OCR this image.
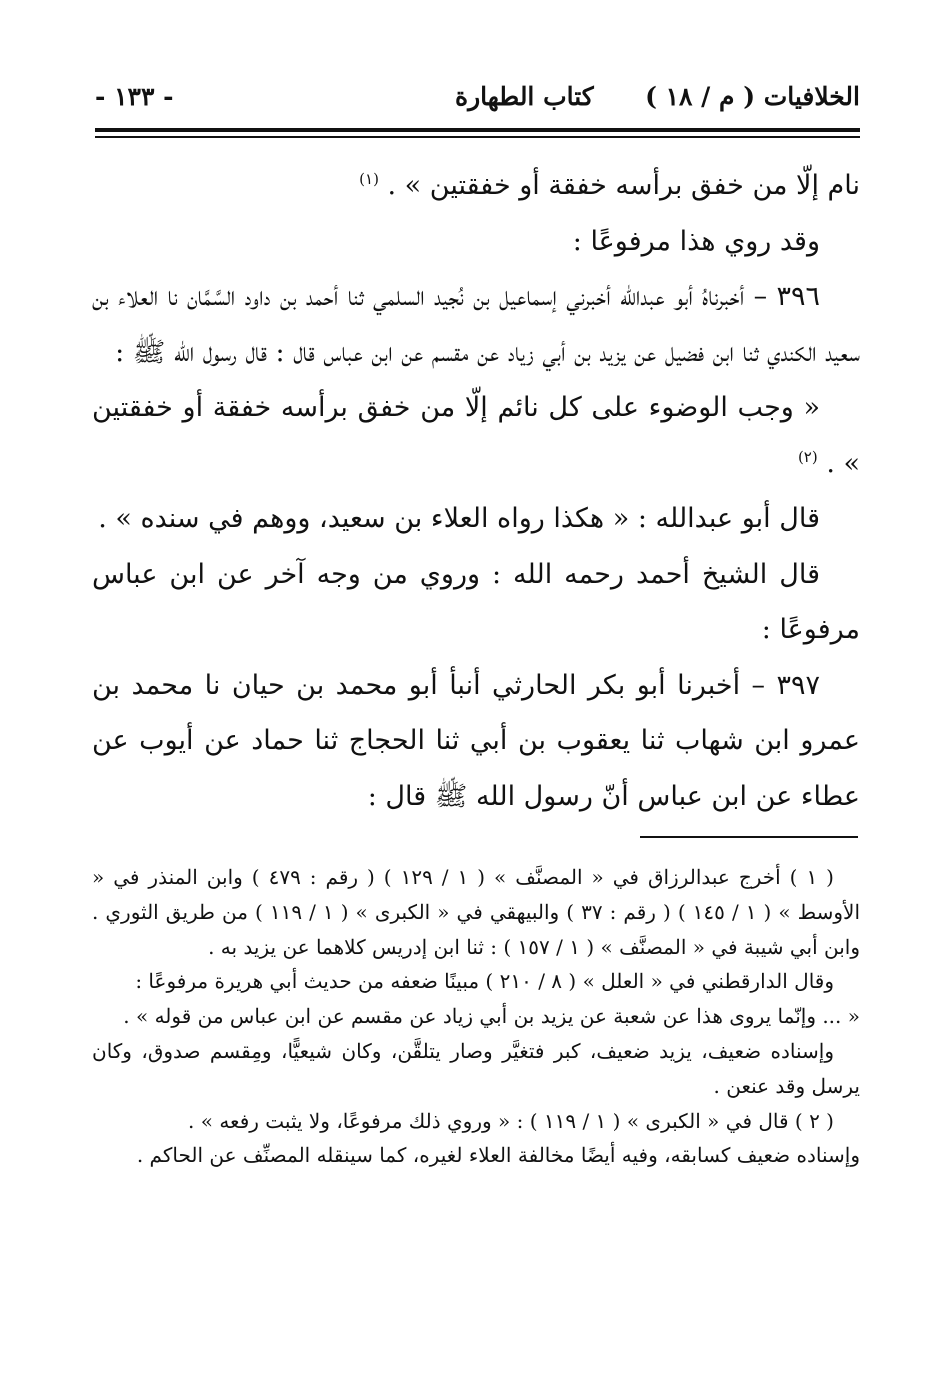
الخلافيات ( م / ١٨ )
كتاب الطهارة
- ١٣٣ -

نام إلّا من خفق برأسه خفقة أو خفقتين » . $^{(١)}$

وقد روي هذا مرفوعًا :

٣٩٦ – أخبرناهُ أبو عبدالله أخبرني إسماعيل بن نُجيد السلمي ثنا أحمد بن داود السَّمَّان نا العلاء بن سعيد الكندي ثنا ابن فضيل عن يزيد بن أبي زياد عن مقسم عن ابن عباس قال : قال رسول الله ﷺ :

« وجب الوضوء على كل نائم إلّا من خفق برأسه خفقة أو خفقتين » . $^{(٢)}$

قال أبو عبدالله : « هكذا رواه العلاء بن سعيد، ووهم في سنده » .

قال الشيخ أحمد رحمه الله : وروي من وجه آخر عن ابن عباس مرفوعًا :

٣٩٧ – أخبرنا أبو بكر الحارثي أنبأ أبو محمد بن حيان نا محمد بن عمرو ابن شهاب ثنا يعقوب بن أبي ثنا الحجاج ثنا حماد عن أيوب عن عطاء عن ابن عباس أنّ رسول الله ﷺ قال :

( ١ ) أخرج عبدالرزاق في « المصنَّف » ( ١ / ١٢٩ ) ( رقم : ٤٧٩ ) وابن المنذر في « الأوسط » ( ١ / ١٤٥ ) ( رقم : ٣٧ ) والبيهقي في « الكبرى » ( ١ / ١١٩ ) من طريق الثوري . وابن أبي شيبة في « المصنَّف » ( ١ / ١٥٧ ) : ثنا ابن إدريس كلاهما عن يزيد به .

وقال الدارقطني في « العلل » ( ٨ / ٢١٠ ) مبينًا ضعفه من حديث أبي هريرة مرفوعًا :

« ... وإنّما يروى هذا عن شعبة عن يزيد بن أبي زياد عن مقسم عن ابن عباس من قوله » .

وإسناده ضعيف، يزيد ضعيف، كبر فتغيَّر وصار يتلقَّن، وكان شيعيًّا، ومِقسم صدوق، وكان يرسل وقد عنعن .

( ٢ ) قال في « الكبرى » ( ١ / ١١٩ ) : « وروي ذلك مرفوعًا، ولا يثبت رفعه » .

وإسناده ضعيف كسابقه، وفيه أيضًا مخالفة العلاء لغيره، كما سينقله المصنِّف عن الحاكم .
